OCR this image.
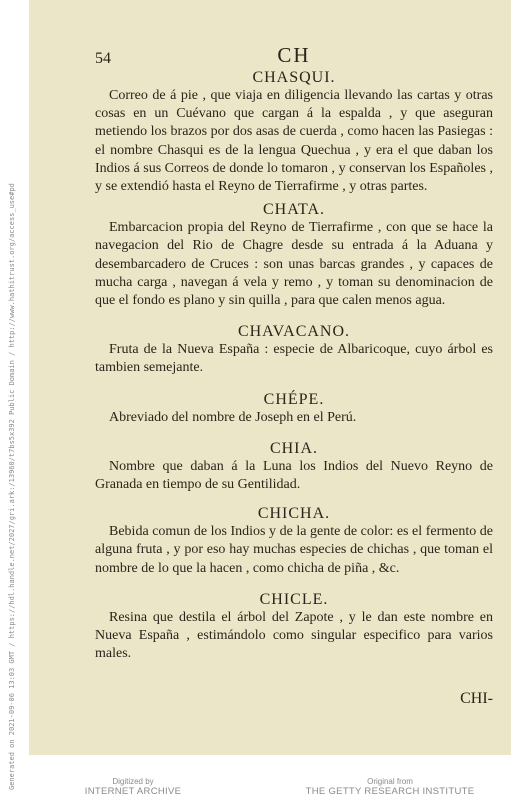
54	CH
CHASQUI.

Correo de á pie , que viaja en diligencia llevando las cartas y otras cosas en un Cuévano que cargan á la espalda , y que aseguran metiendo los brazos por dos asas de cuerda , como hacen las Pasiegas : el nombre Chasqui es de la lengua Quechua , y era el que daban los Indios á sus Correos de donde lo tomaron , y conservan los Españoles , y se extendió hasta el Reyno de Tierrafirme , y otras partes.

CHATA.

Embarcacion propia del Reyno de Tierrafirme , con que se hace la navegacion del Rio de Chagre desde su entrada á la Aduana y desembarcadero de Cruces : son unas barcas grandes , y capaces de mucha carga , navegan á vela y remo , y toman su denominacion de que el fondo es plano y sin quilla , para que calen menos agua.

CHAVACANO.

Fruta de la Nueva España : especie de Albaricoque, cuyo árbol es tambien semejante.

CHÉPE.

Abreviado del nombre de Joseph en el Perú.

CHIA.

Nombre que daban á la Luna los Indios del Nuevo Reyno de Granada en tiempo de su Gentilidad.

CHICHA.

Bebida comun de los Indios y de la gente de color: es el fermento de alguna fruta , y por eso hay muchas especies de chichas , que toman el nombre de lo que la hacen , como chicha de piña , &c.

CHICLE.

Resina que destila el árbol del Zapote , y le dan este nombre en Nueva España , estimándolo como singular especifico para varios males.

CHI-
Generated on 2021-09-06 13:03 GMT / https://hdl.handle.net/2027/gri.ark:/13960/t7bs5x392 Public Domain / http://www.hathitrust.org/access_use#pd	Digitized by
INTERNET ARCHIVE
Original from
THE GETTY RESEARCH INSTITUTE
